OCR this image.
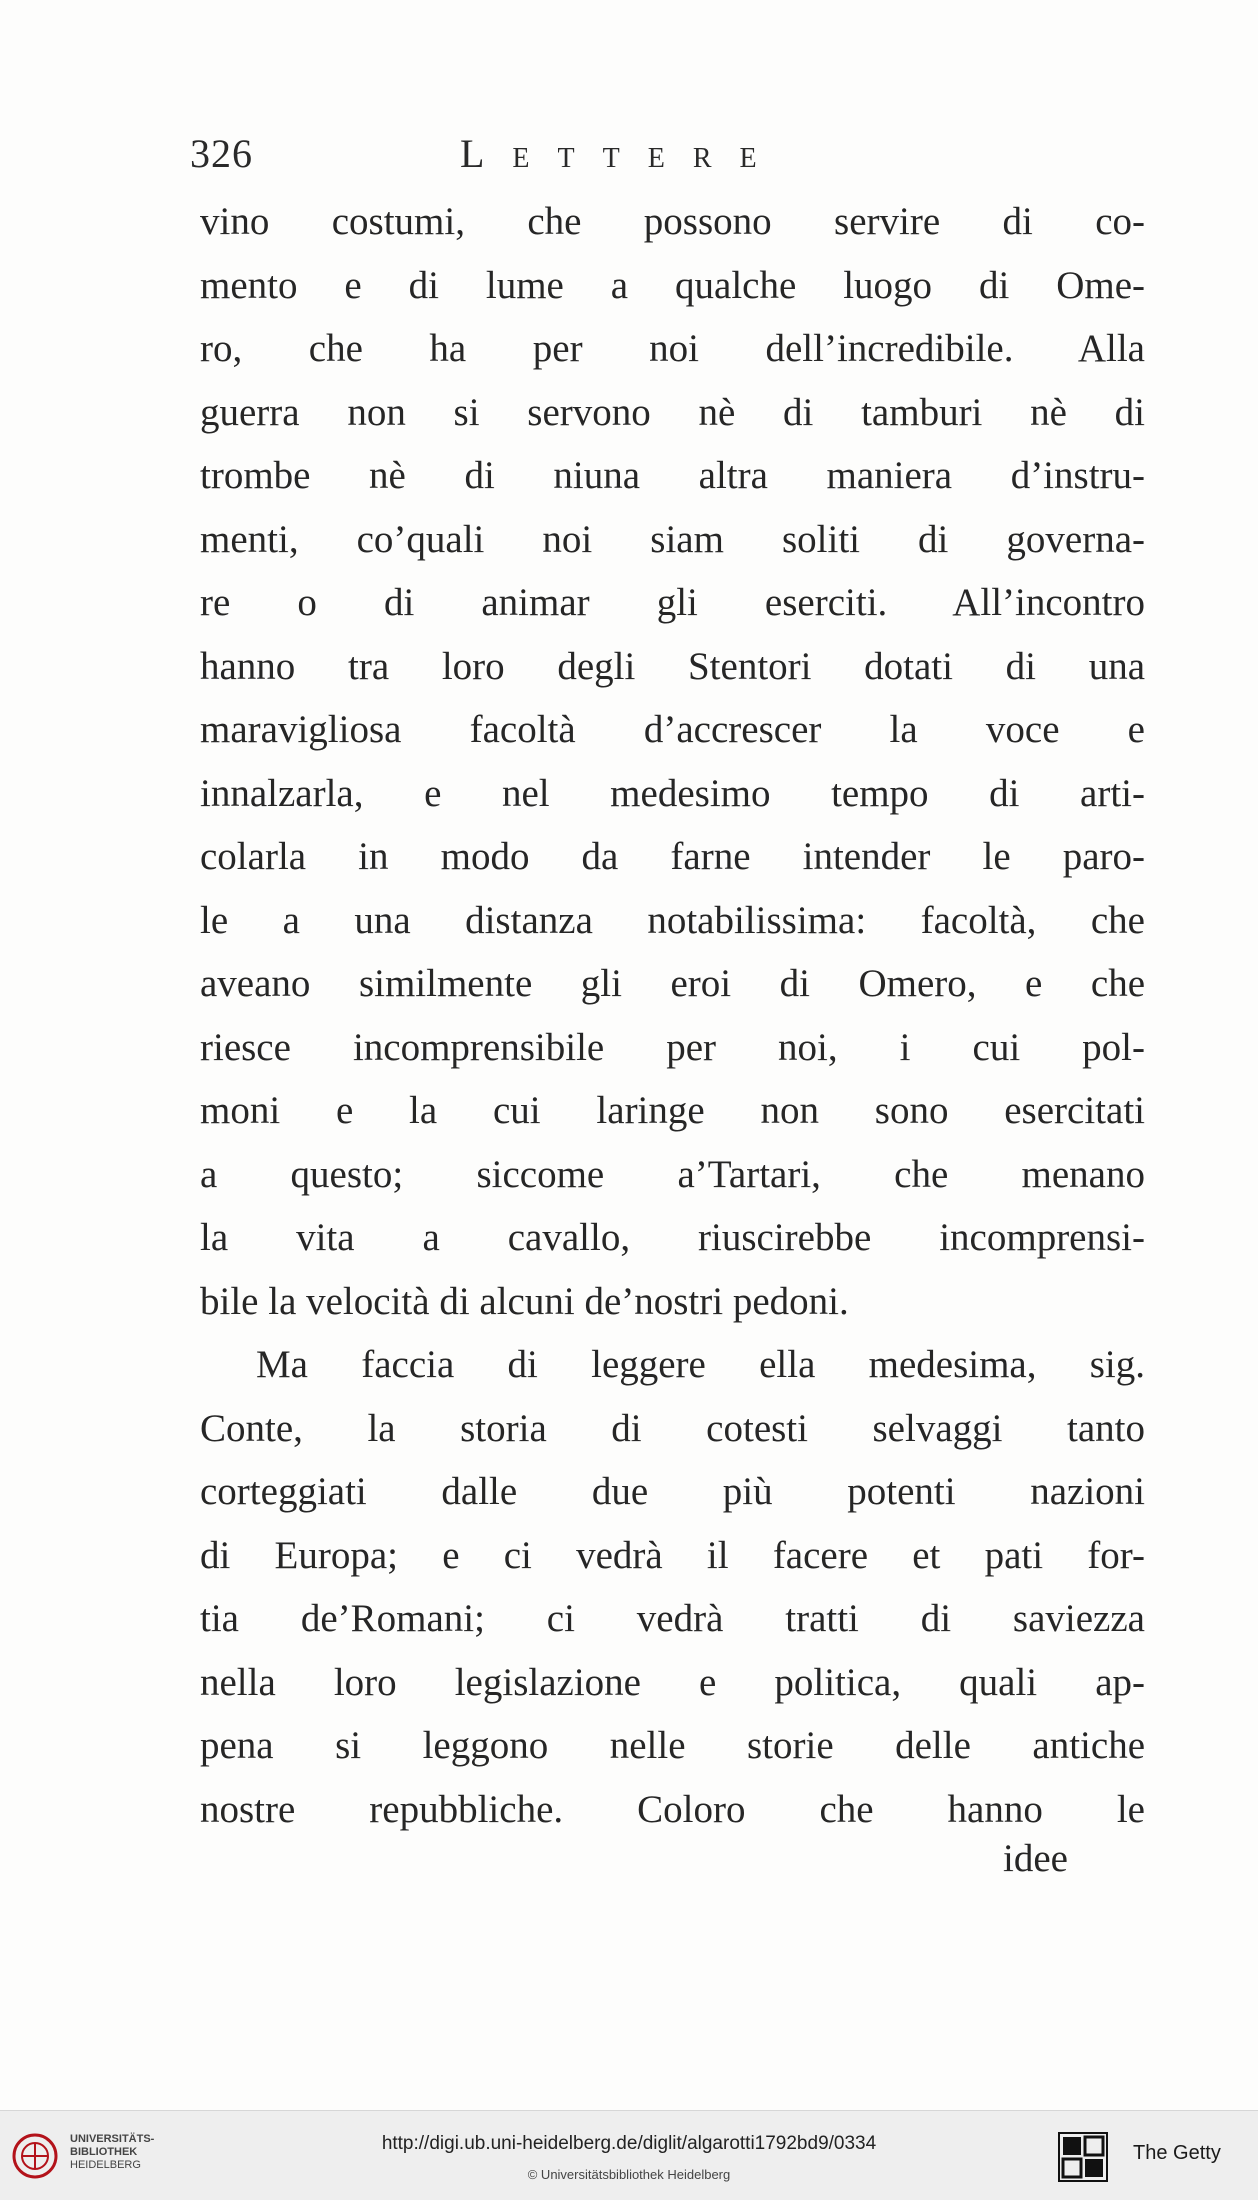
326	Lettere
vino costumi, che possono servire di co-
mento e di lume a qualche luogo di Ome-
ro, che ha per noi dell’incredibile. Alla
guerra non si servono nè di tamburi nè di
trombe nè di niuna altra maniera d’instru-
menti, co’quali noi siam soliti di governa-
re o di animar gli eserciti. All’incontro
hanno tra loro degli Stentori dotati di una
maravigliosa facoltà d’accrescer la voce e
innalzarla, e nel medesimo tempo di arti-
colarla in modo da farne intender le paro-
le a una distanza notabilissima: facoltà, che
aveano similmente gli eroi di Omero, e che
riesce incomprensibile per noi, i cui pol-
moni e la cui laringe non sono esercitati
a questo; siccome a’Tartari, che menano
la vita a cavallo, riuscirebbe incomprensi-
bile la velocità di alcuni de’nostri pedoni.
Ma faccia di leggere ella medesima, sig.
Conte, la storia di cotesti selvaggi tanto
corteggiati dalle due più potenti nazioni
di Europa; e ci vedrà il facere et pati for-
tia de’Romani; ci vedrà tratti di saviezza
nella loro legislazione e politica, quali ap-
pena si leggono nelle storie delle antiche
nostre repubbliche. Coloro che hanno le
idee
UNIVERSITÄTS-
BIBLIOTHEK
HEIDELBERG
http://digi.ub.uni-heidelberg.de/diglit/algarotti1792bd9/0334
© Universitätsbibliothek Heidelberg
The Getty
